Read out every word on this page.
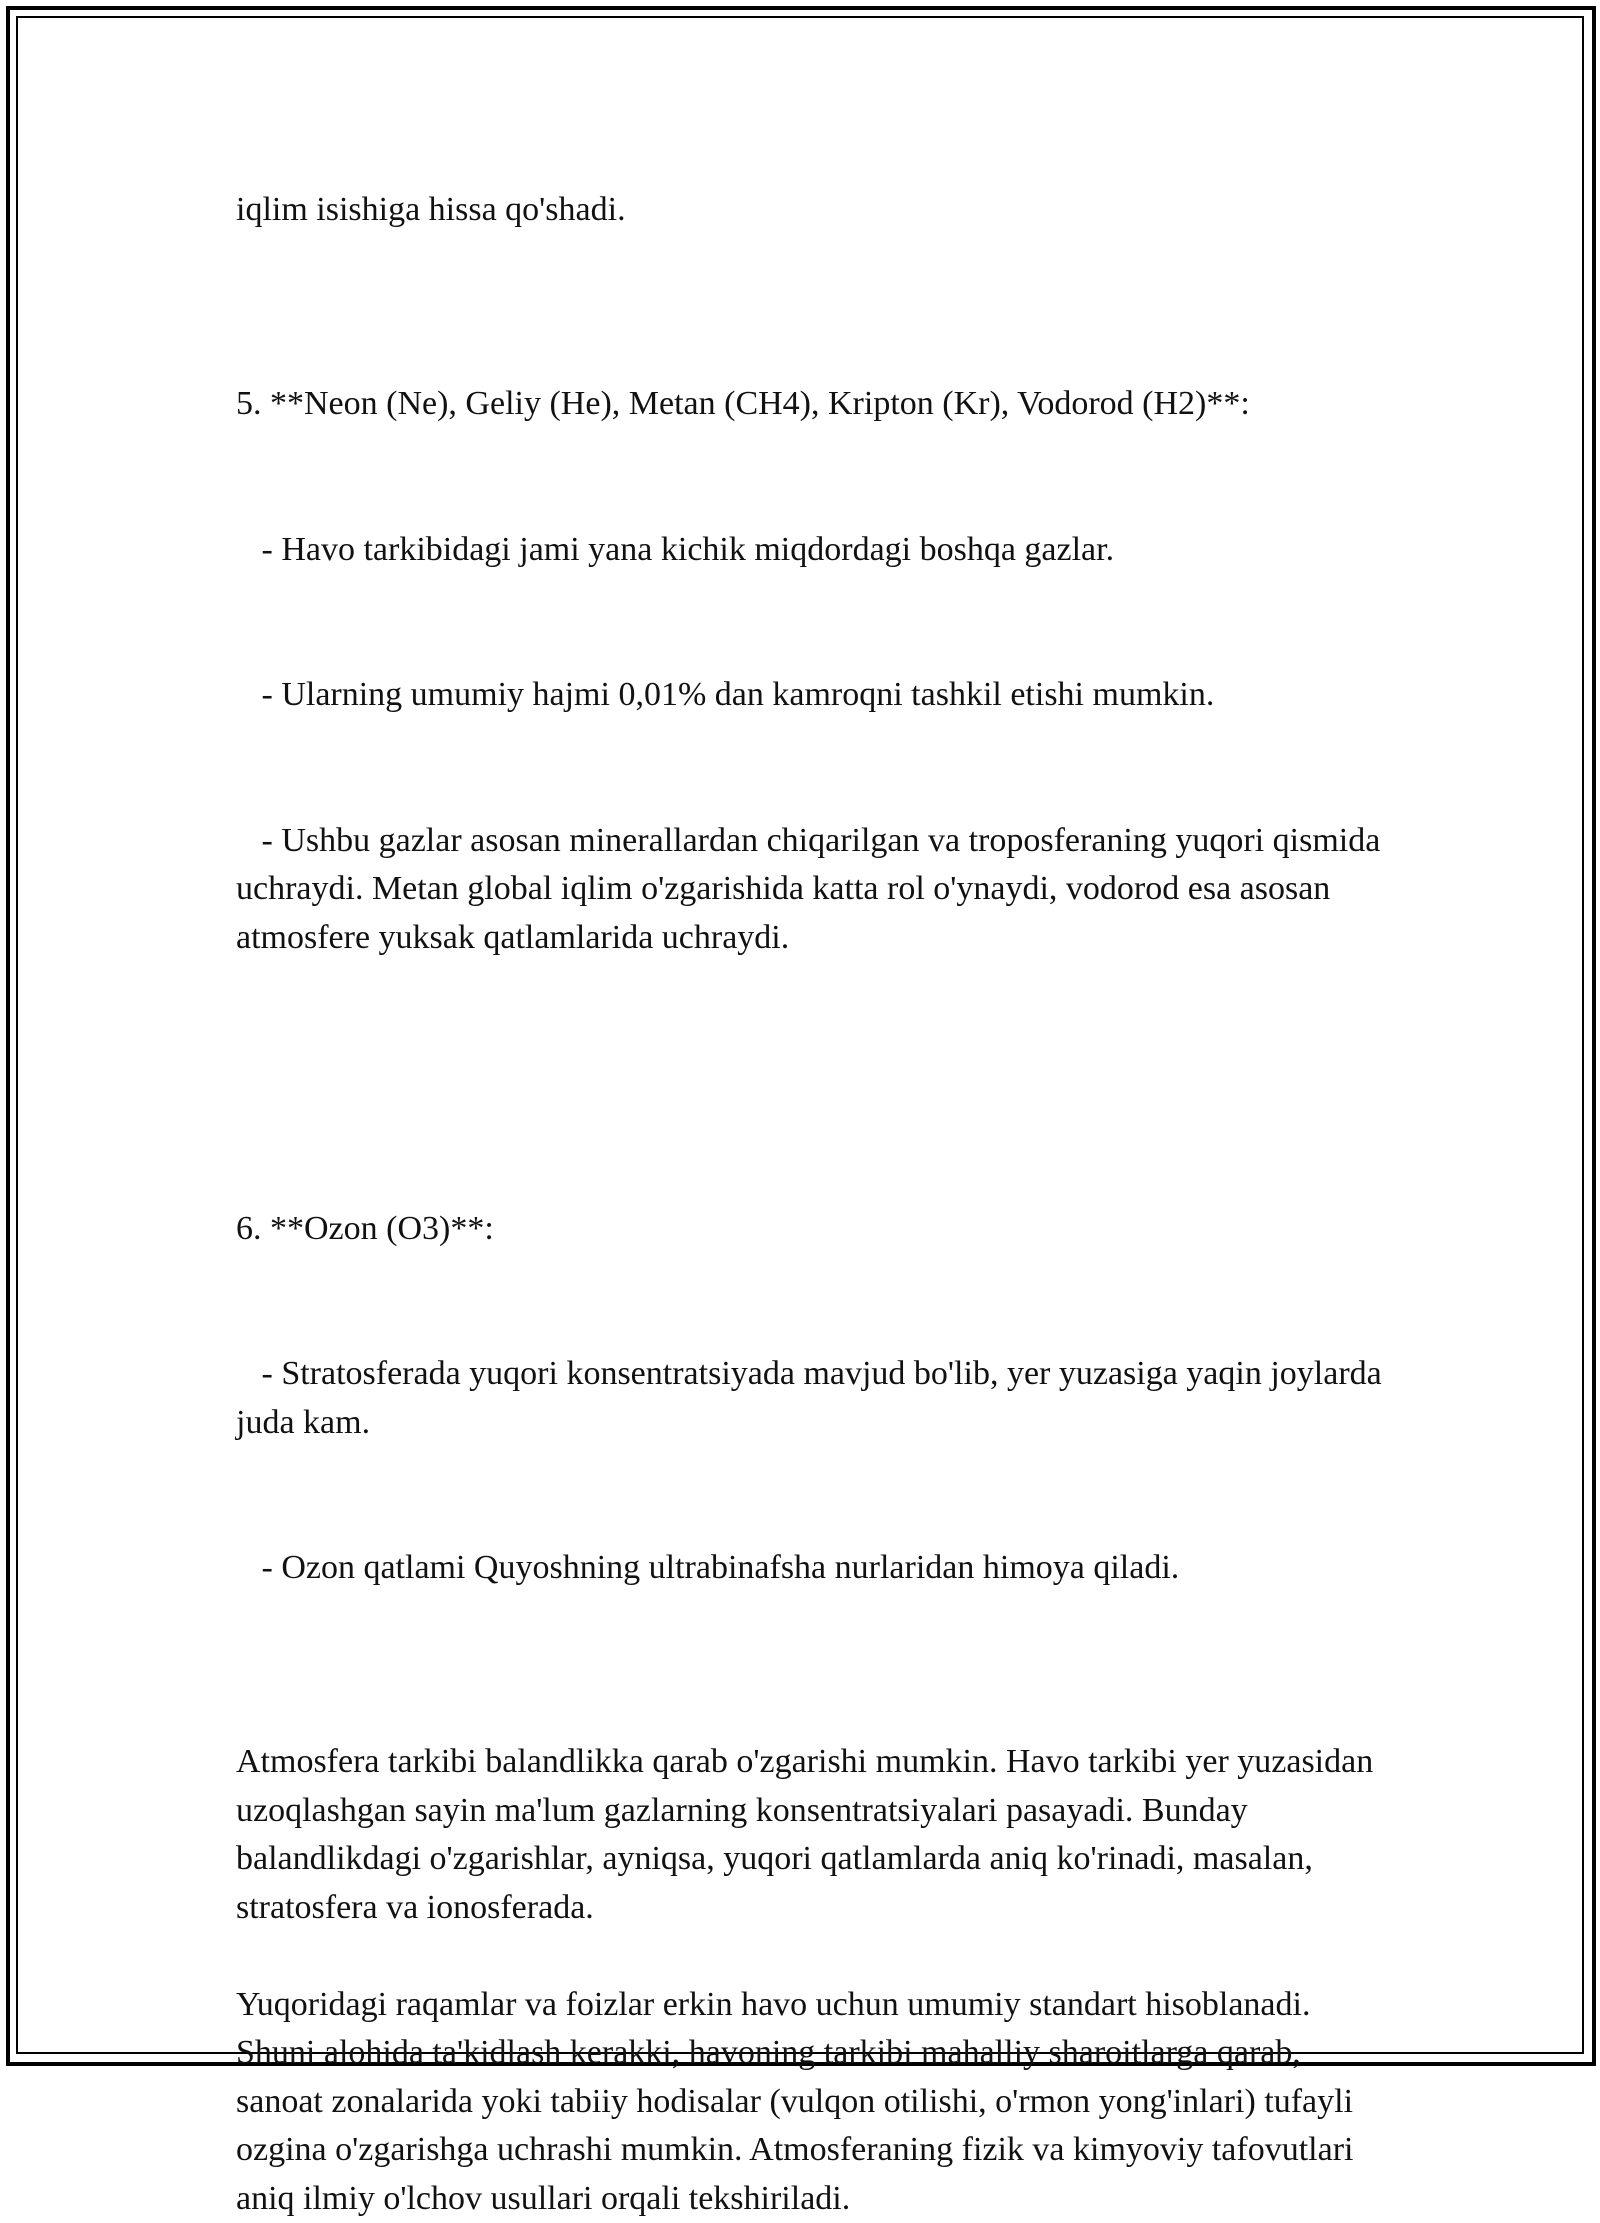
iqlim isishiga hissa qo'shadi.

5. **Neon (Ne), Geliy (He), Metan (CH4), Kripton (Kr), Vodorod (H2)**:

- Havo tarkibidagi jami yana kichik miqdordagi boshqa gazlar.

- Ularning umumiy hajmi 0,01% dan kamroqni tashkil etishi mumkin.

- Ushbu gazlar asosan minerallardan chiqarilgan va troposferaning yuqori qismida uchraydi. Metan global iqlim o'zgarishida katta rol o'ynaydi, vodorod esa asosan atmosfere yuksak qatlamlarida uchraydi.

6. **Ozon (O3)**:

- Stratosferada yuqori konsentratsiyada mavjud bo'lib, yer yuzasiga yaqin joylarda juda kam.

- Ozon qatlami Quyoshning ultrabinafsha nurlaridan himoya qiladi.

Atmosfera tarkibi balandlikka qarab o'zgarishi mumkin. Havo tarkibi yer yuzasidan uzoqlashgan sayin ma'lum gazlarning konsentratsiyalari pasayadi. Bunday balandlikdagi o'zgarishlar, ayniqsa, yuqori qatlamlarda aniq ko'rinadi, masalan, stratosfera va ionosferada.

Yuqoridagi raqamlar va foizlar erkin havo uchun umumiy standart hisoblanadi. Shuni alohida ta'kidlash kerakki, havoning tarkibi mahalliy sharoitlarga qarab, sanoat zonalarida yoki tabiiy hodisalar (vulqon otilishi, o'rmon yong'inlari) tufayli ozgina o'zgarishga uchrashi mumkin. Atmosferaning fizik va kimyoviy tafovutlari aniq ilmiy o'lchov usullari orqali tekshiriladi.
